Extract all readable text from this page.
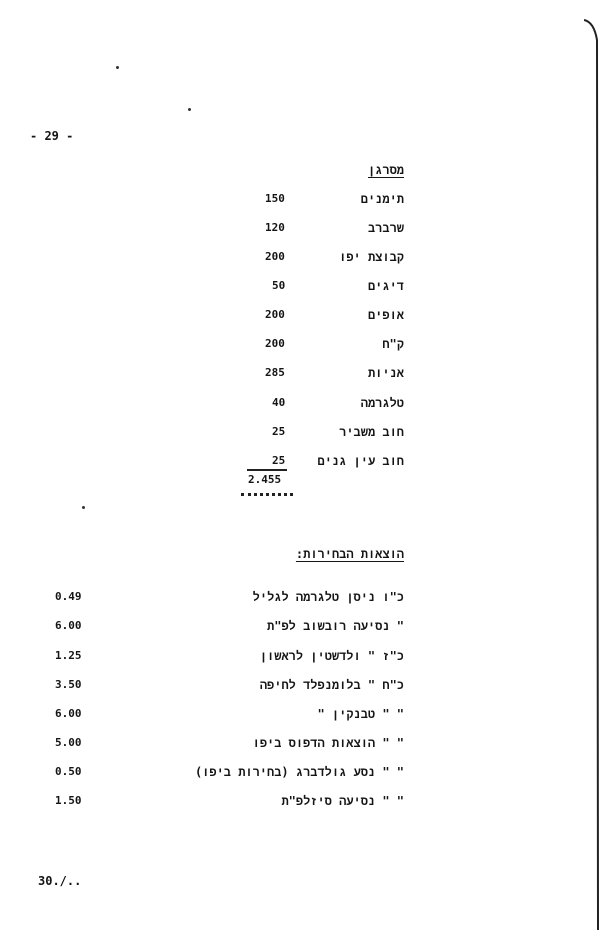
- 29 -
מסרגן
תימנים
150
שרברב
120
קבוצת יפו
200
דיגים
50
אופים
200
ק"ח
200
אניות
285
טלגרמה
40
חוב משביר
25
חוב עין גנים
25
2.455
הוצאות הבחירות:
כ"ו ניסן טלגרמה לגליל
0.49
" נסיעה רובשוב לפ"ת
6.00
כ"ז " ולדשטין לראשון
1.25
כ"ח " בלומנפלד לחיפה
3.50
" " טבנקין "
6.00
" " הוצאות הדפוס ביפו
5.00
" " נסע גולדברג (בחירות ביפו)
0.50
" " נסיעה סיזלפ"ת
1.50
30./..
